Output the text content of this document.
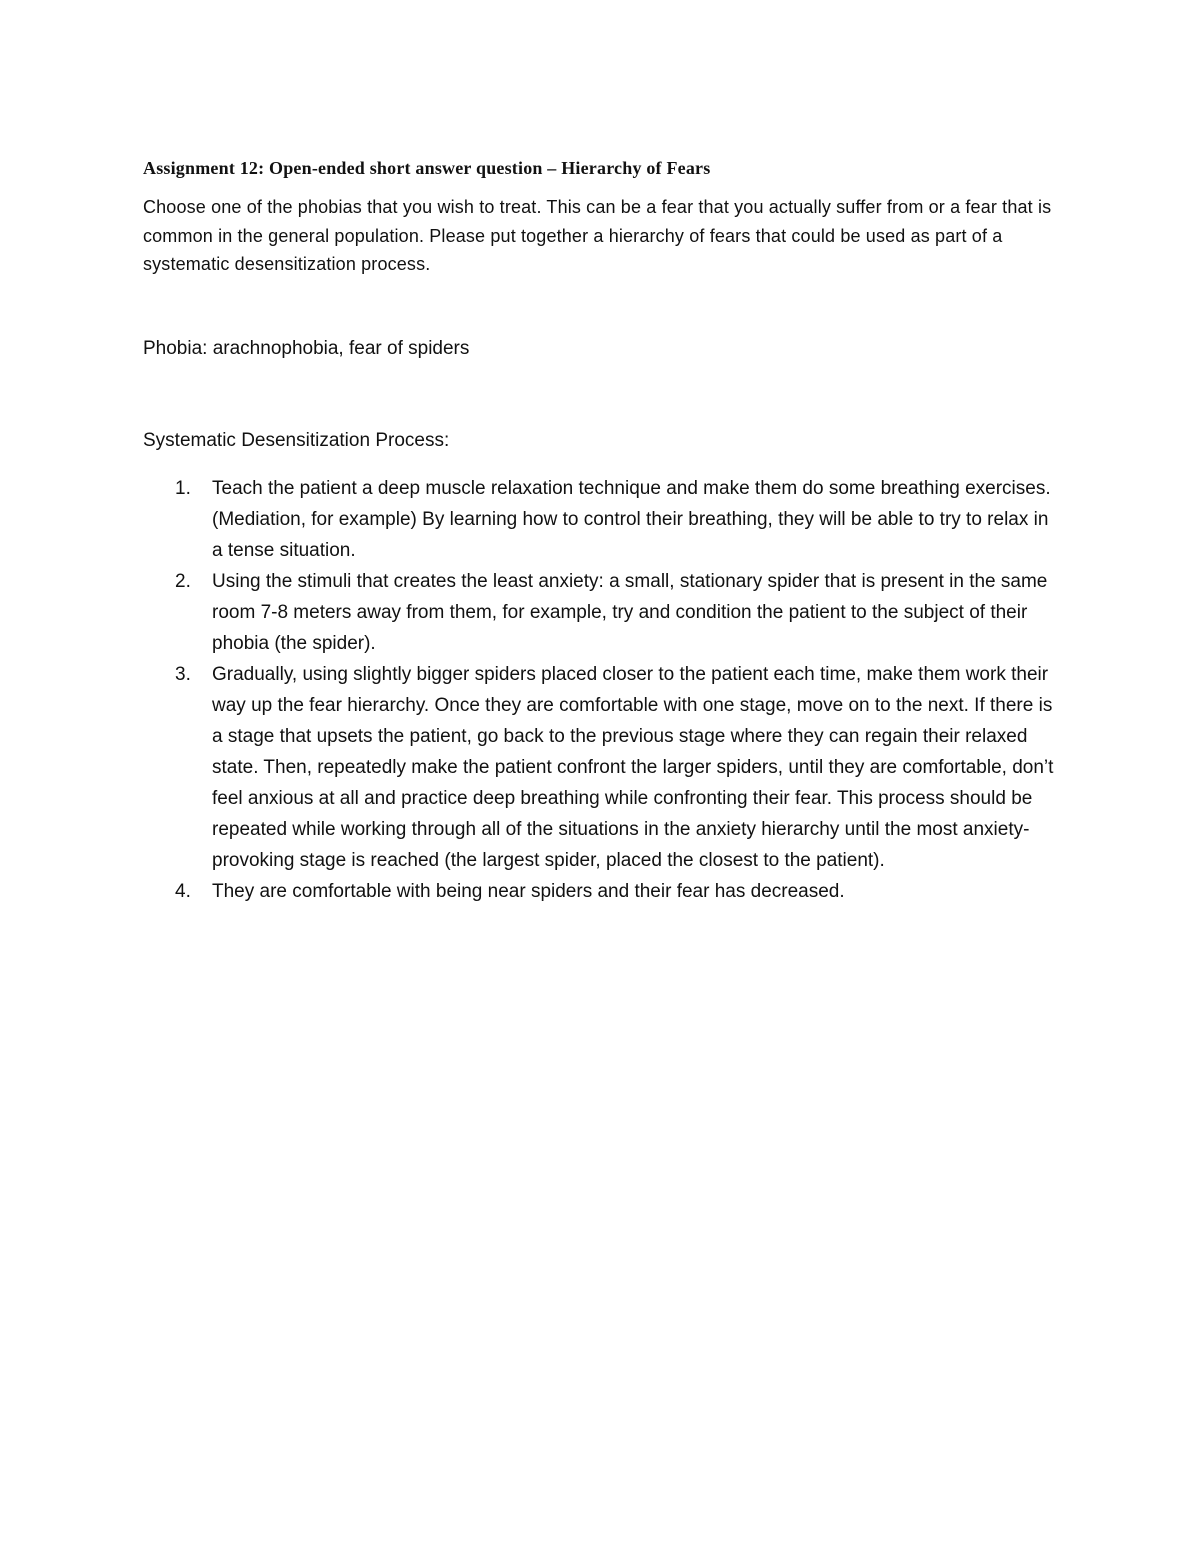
Assignment 12: Open-ended short answer question – Hierarchy of Fears

Choose one of the phobias that you wish to treat. This can be a fear that you actually suffer from or a fear that is common in the general population. Please put together a hierarchy of fears that could be used as part of a systematic desensitization process.

Phobia: arachnophobia, fear of spiders

Systematic Desensitization Process:

1. Teach the patient a deep muscle relaxation technique and make them do some breathing exercises. (Mediation, for example) By learning how to control their breathing, they will be able to try to relax in a tense situation.
2. Using the stimuli that creates the least anxiety: a small, stationary spider that is present in the same room 7-8 meters away from them, for example, try and condition the patient to the subject of their phobia (the spider).
3. Gradually, using slightly bigger spiders placed closer to the patient each time, make them work their way up the fear hierarchy. Once they are comfortable with one stage, move on to the next. If there is a stage that upsets the patient, go back to the previous stage where they can regain their relaxed state. Then, repeatedly make the patient confront the larger spiders, until they are comfortable, don’t feel anxious at all and practice deep breathing while confronting their fear. This process should be repeated while working through all of the situations in the anxiety hierarchy until the most anxiety-provoking stage is reached (the largest spider, placed the closest to the patient).
4. They are comfortable with being near spiders and their fear has decreased.
